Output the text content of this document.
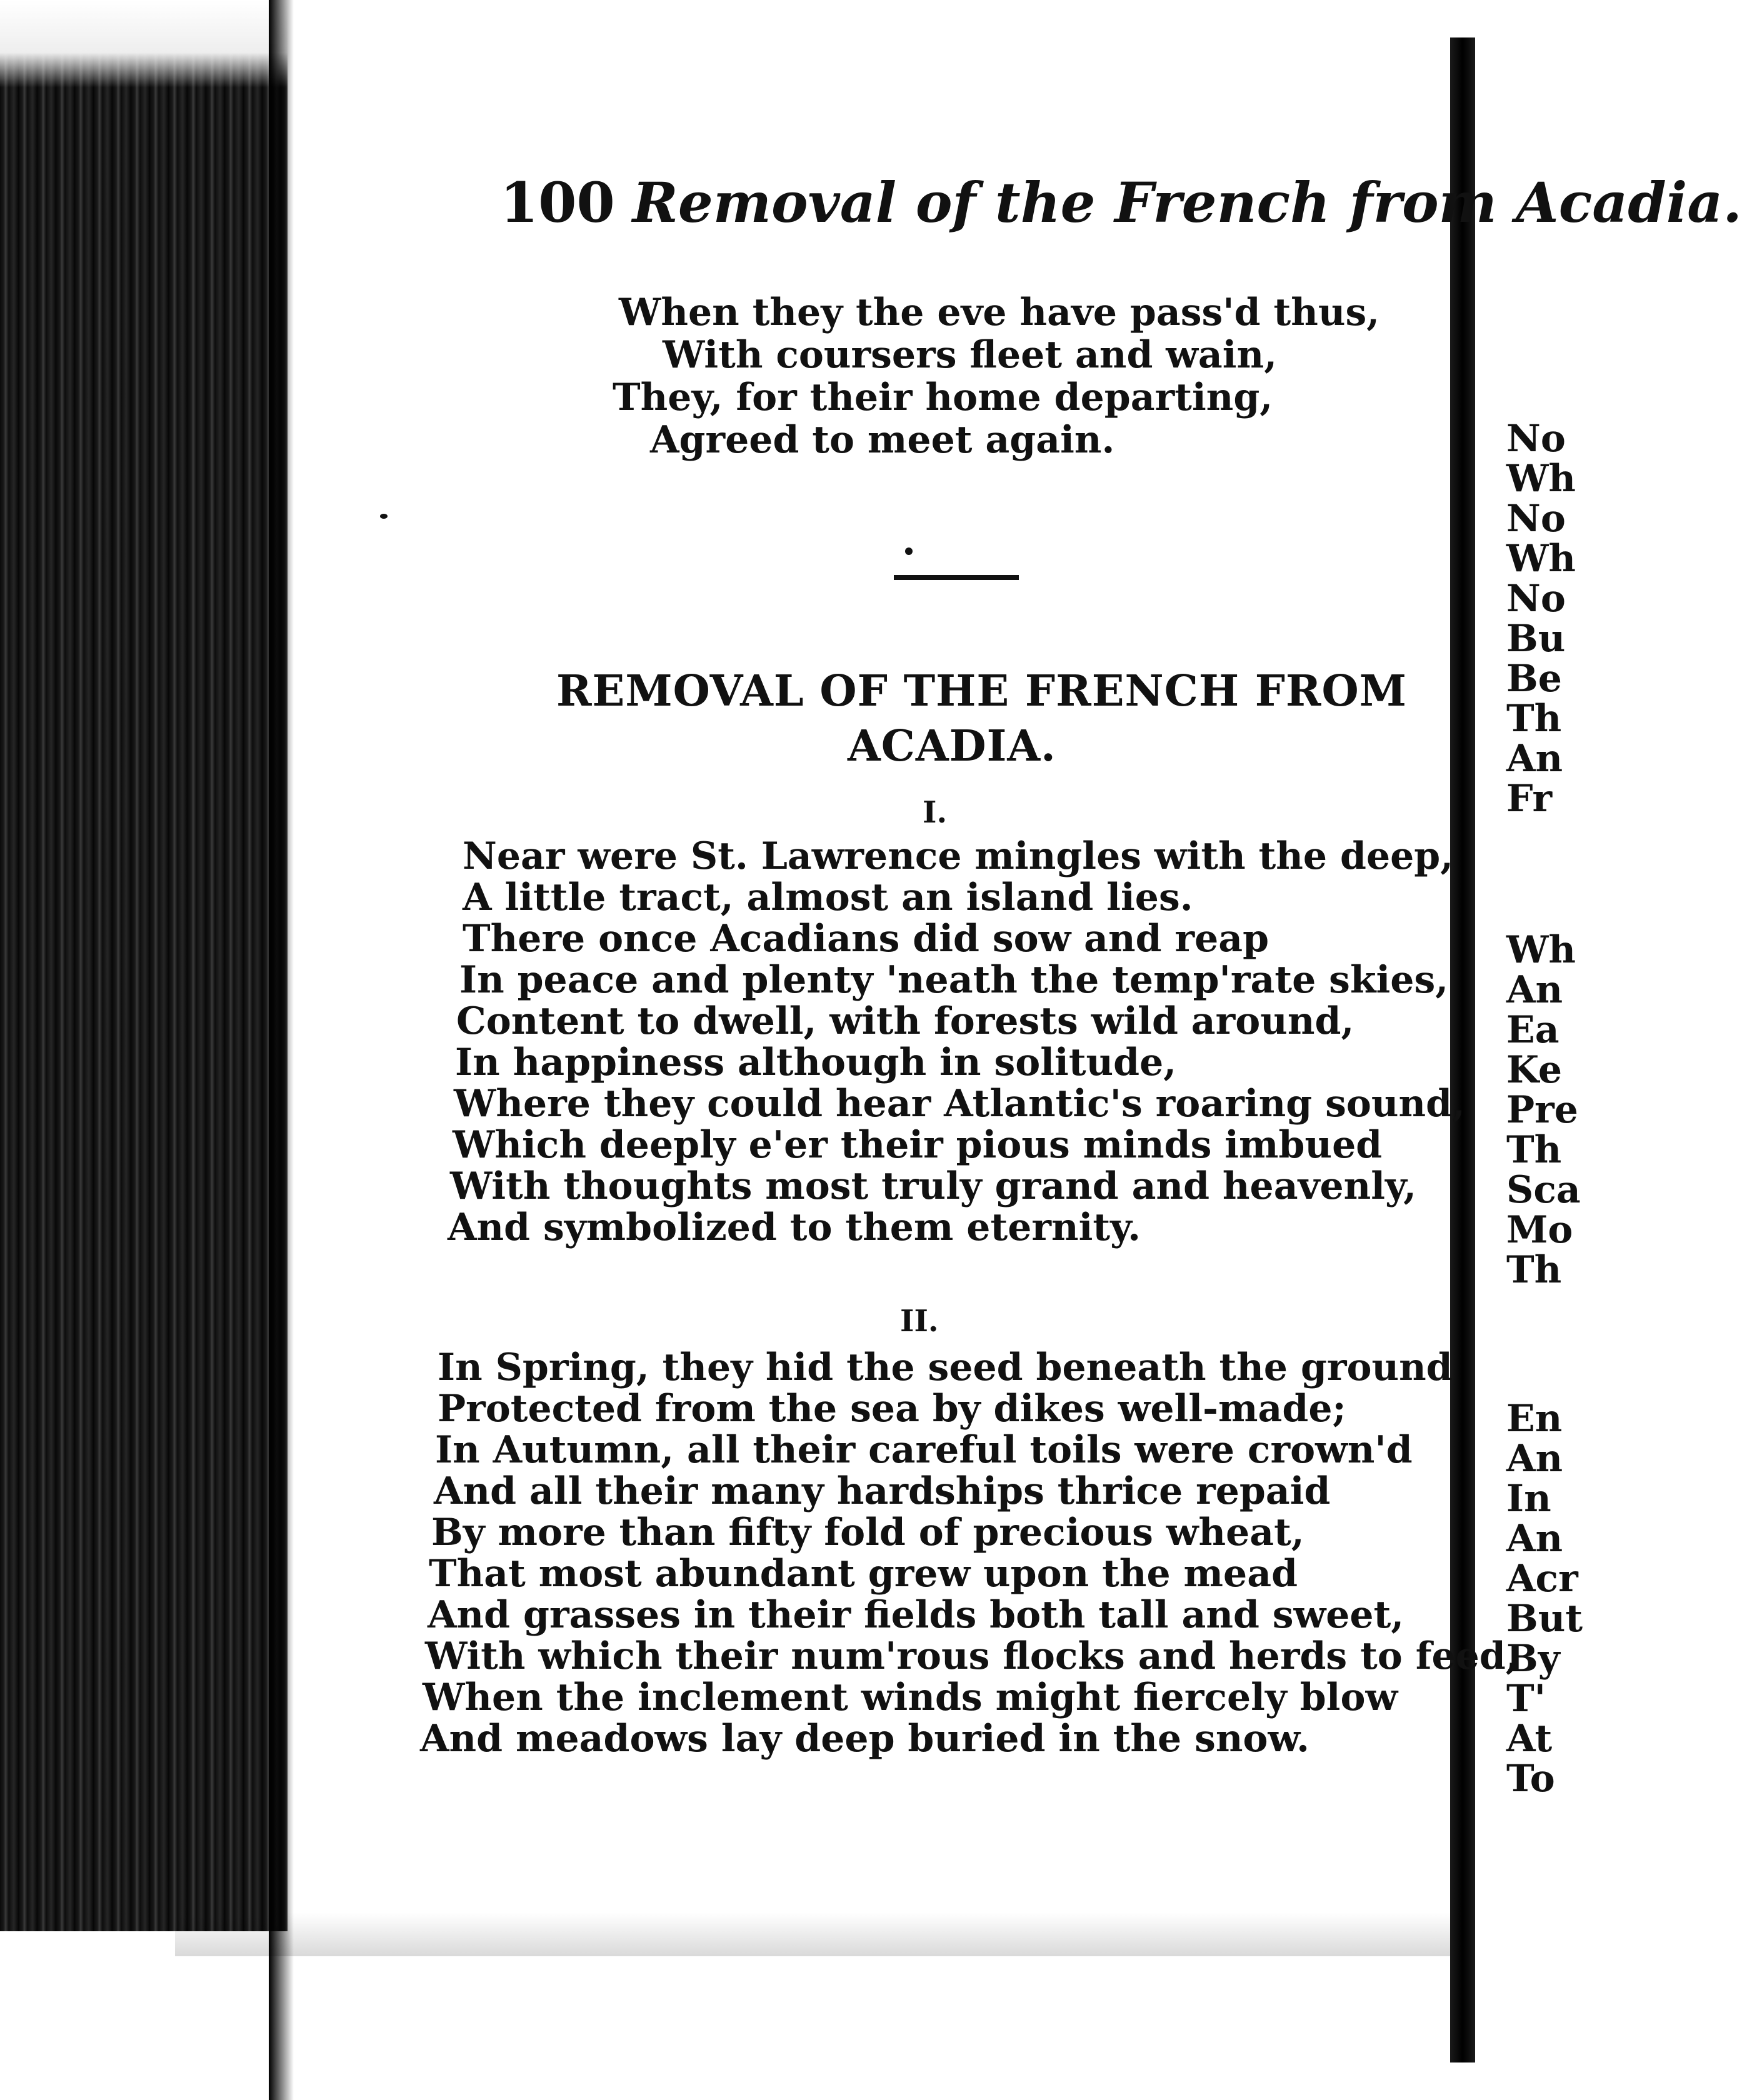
No
Wh
No
Wh
No
Bu
Be
Th
An
Fr
Wh
An
Ea
Ke
Pre
Th
Sca
Mo
Th
En
An
In
An
Acr
But
By
T'
At
To
100 Removal of the French from Acadia.
When they the eve have pass'd thus,
With coursers fleet and wain,
They, for their home departing,
Agreed to meet again.
REMOVAL OF THE FRENCH FROM
ACADIA.
I.
Near were St. Lawrence mingles with the deep,
A little tract, almost an island lies.
There once Acadians did sow and reap
In peace and plenty 'neath the temp'rate skies,
Content to dwell, with forests wild around,
In happiness although in solitude,
Where they could hear Atlantic's roaring sound,
Which deeply e'er their pious minds imbued
With thoughts most truly grand and heavenly,
And symbolized to them eternity.
II.
In Spring, they hid the seed beneath the ground
Protected from the sea by dikes well-made;
In Autumn, all their careful toils were crown'd
And all their many hardships thrice repaid
By more than fifty fold of precious wheat,
That most abundant grew upon the mead
And grasses in their fields both tall and sweet,
With which their num'rous flocks and herds to feed,
When the inclement winds might fiercely blow
And meadows lay deep buried in the snow.
